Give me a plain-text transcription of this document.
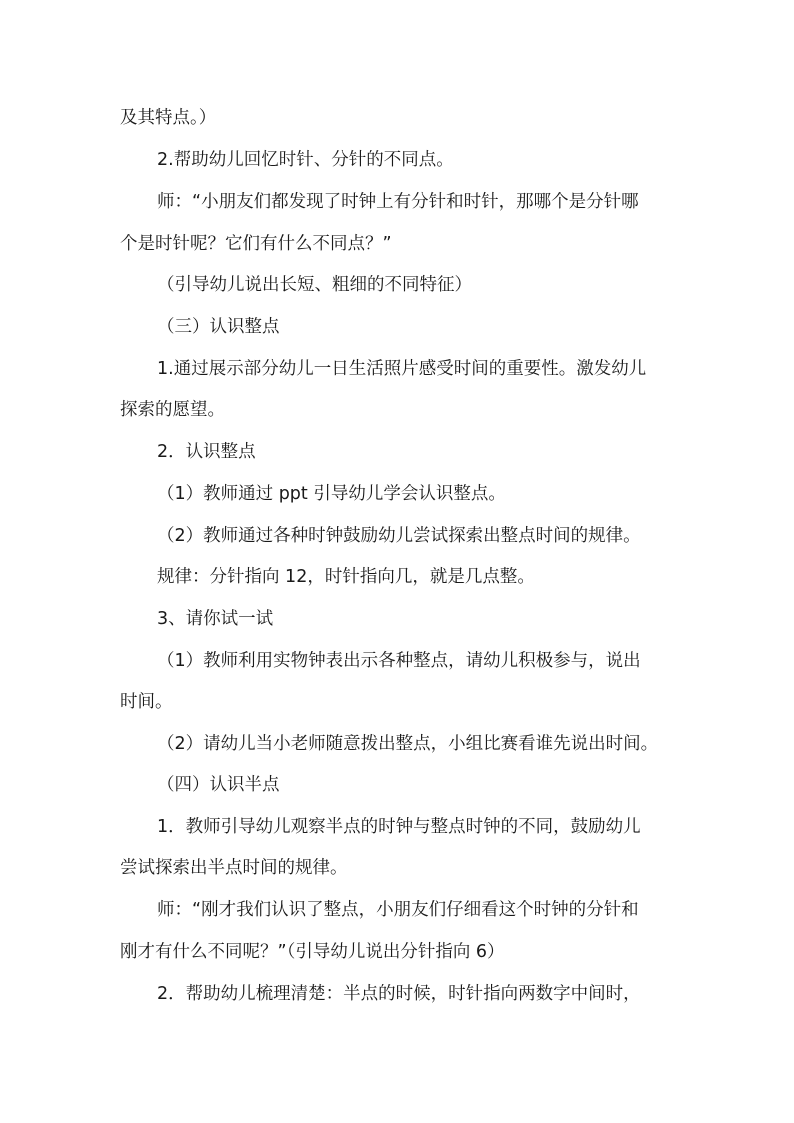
及其特点。）
2.帮助幼儿回忆时针、分针的不同点。
师：“小朋友们都发现了时钟上有分针和时针，那哪个是分针哪
个是时针呢？它们有什么不同点？”
（引导幼儿说出长短、粗细的不同特征）
（三）认识整点
1.通过展示部分幼儿一日生活照片感受时间的重要性。激发幼儿
探索的愿望。
2．认识整点
（1）教师通过 ppt 引导幼儿学会认识整点。
（2）教师通过各种时钟鼓励幼儿尝试探索出整点时间的规律。
规律：分针指向 12，时针指向几，就是几点整。
3、请你试一试
（1）教师利用实物钟表出示各种整点，请幼儿积极参与，说出
时间。
（2）请幼儿当小老师随意拨出整点，小组比赛看谁先说出时间。
（四）认识半点
1．教师引导幼儿观察半点的时钟与整点时钟的不同，鼓励幼儿
尝试探索出半点时间的规律。
师：“刚才我们认识了整点，小朋友们仔细看这个时钟的分针和
刚才有什么不同呢？”（引导幼儿说出分针指向 6）
2．帮助幼儿梳理清楚：半点的时候，时针指向两数字中间时，
